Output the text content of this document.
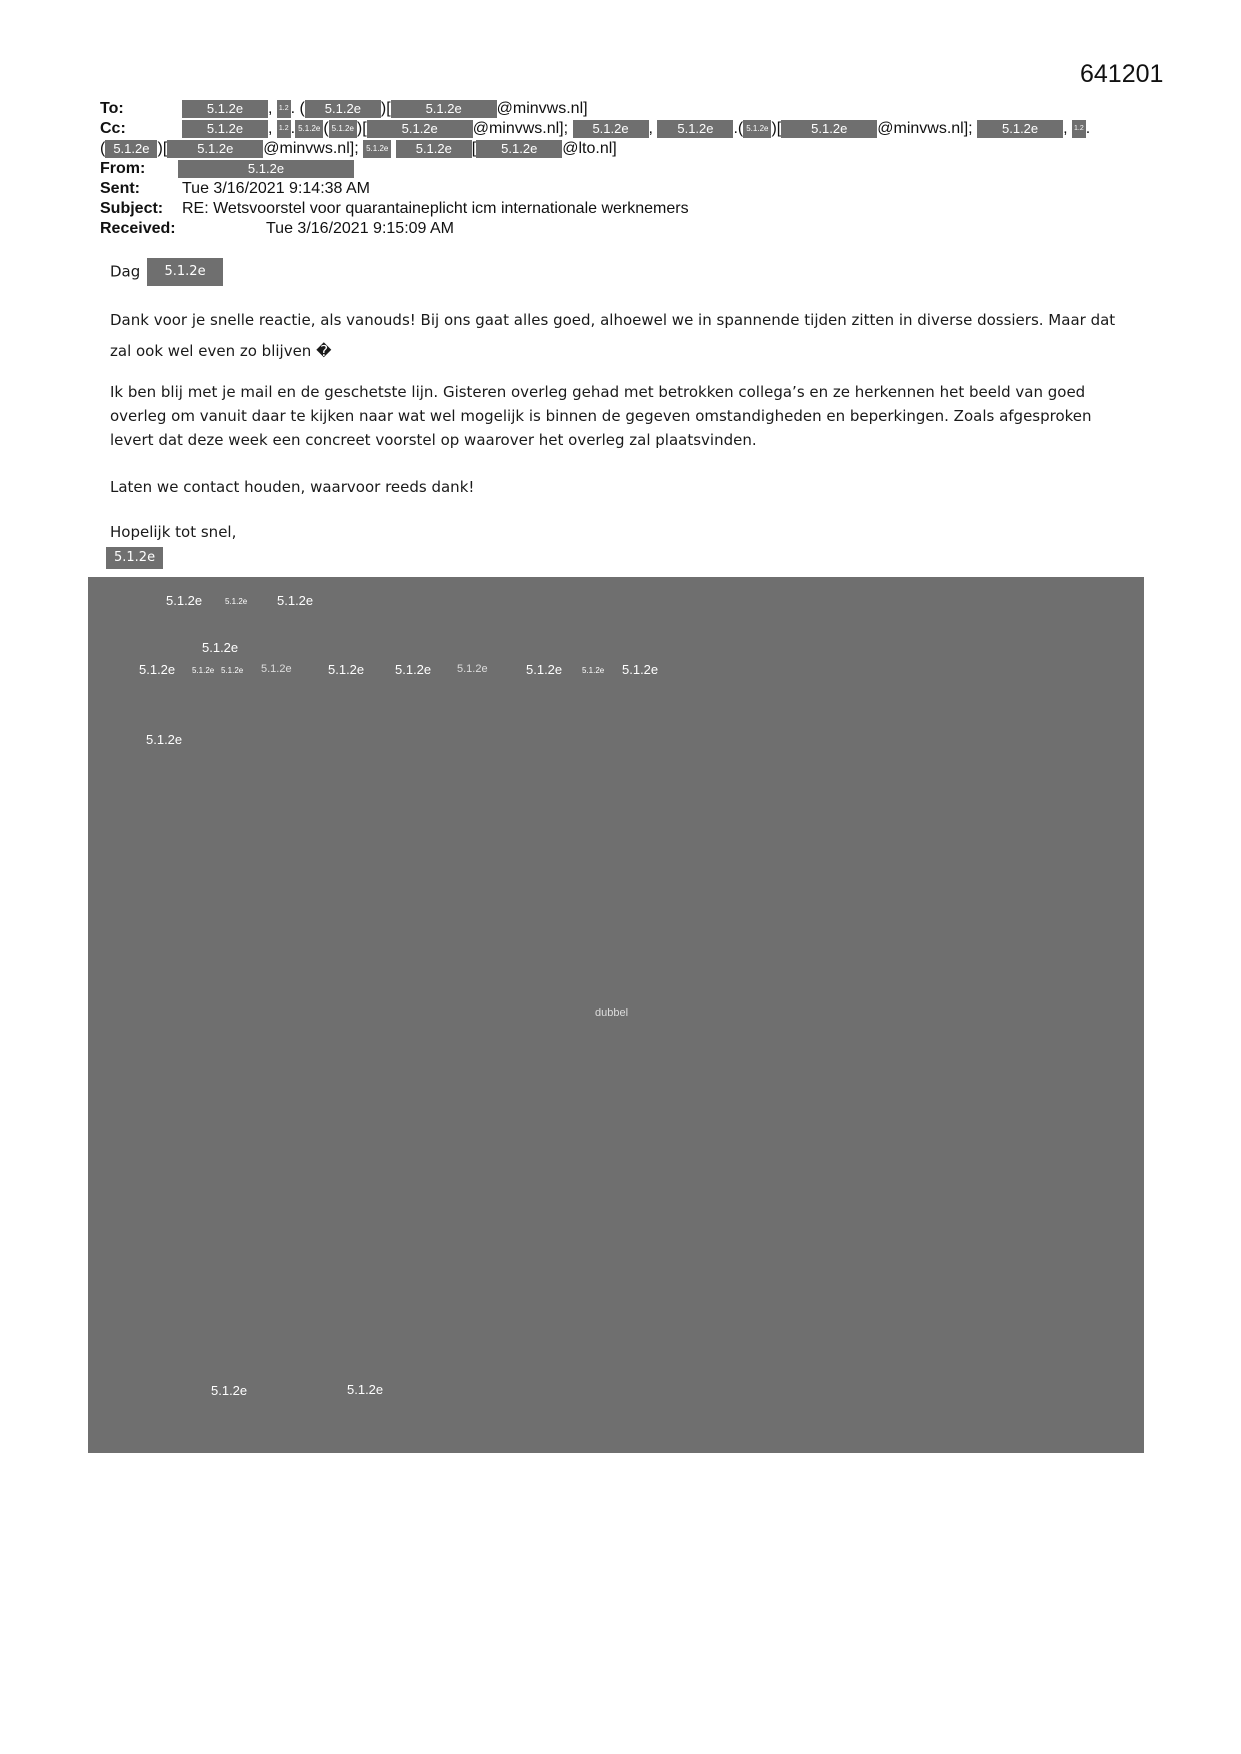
641201
To:	5.1.2e , 1.2 . ( 5.1.2e )[	5.1.2e @minvws.nl]
Cc:	5.1.2e , 1.2 . 5.1.2e ( 5.1.2e )[	5.1.2e @minvws.nl]; 5.1.2e , 5.1.2e .( 5.1.2e )[ 5.1.2e @minvws.nl]; 5.1.2e , 1.2 .
( 5.1.2e )[ 5.1.2e @minvws.nl]; 5.1.2e 5.1.2e [ 5.1.2e @lto.nl]
From:	5.1.2e
Sent:	Tue 3/16/2021 9:14:38 AM
Subject: RE: Wetsvoorstel voor quarantaineplicht icm internationale werknemers
Received:	Tue 3/16/2021 9:15:09 AM
Dag 5.1.2e
Dank voor je snelle reactie, als vanouds! Bij ons gaat alles goed, alhoewel we in spannende tijden zitten in diverse dossiers. Maar dat zal ook wel even zo blijven �
Ik ben blij met je mail en de geschetste lijn. Gisteren overleg gehad met betrokken collega’s en ze herkennen het beeld van goed overleg om vanuit daar te kijken naar wat wel mogelijk is binnen de gegeven omstandigheden en beperkingen. Zoals afgesproken levert dat deze week een concreet voorstel op waarover het overleg zal plaatsvinden.
Laten we contact houden, waarvoor reeds dank!
Hopelijk tot snel,
5.1.2e
5.1.2e	5.1.2e 5.1.2e
5.1.2e
5.1.2e 5.1.2e 5.1.2e 5.1.2e	5.1.2e 5.1.2e 5.1.2e	5.1.2e 5.1.2e 5.1.2e
5.1.2e
dubbel
5.1.2e	5.1.2e
